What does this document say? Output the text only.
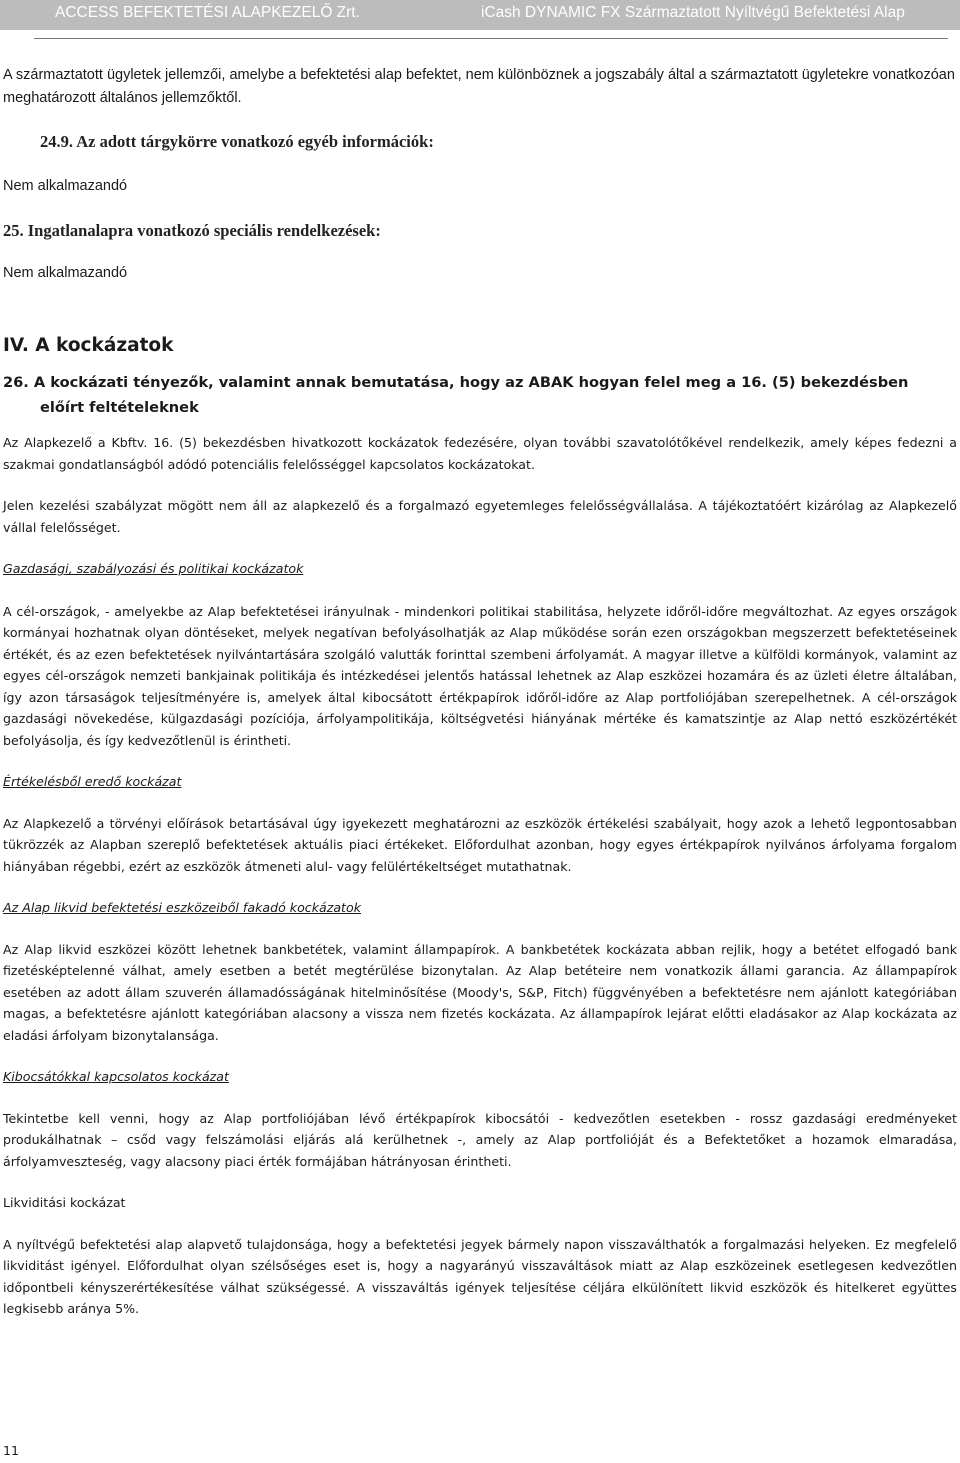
ACCESS BEFEKTETÉSI ALAPKEZELŐ Zrt.	iCash DYNAMIC FX Származtatott Nyíltvégű Befektetési Alap

A származtatott ügyletek jellemzői, amelybe a befektetési alap befektet, nem különböznek a jogszabály által a származtatott ügyletekre vonatkozóan meghatározott általános jellemzőktől.

24.9. Az adott tárgykörre vonatkozó egyéb információk:

Nem alkalmazandó

25. Ingatlanalapra vonatkozó speciális rendelkezések:

Nem alkalmazandó

IV. A kockázatok

26. A kockázati tényezők, valamint annak bemutatása, hogy az ABAK hogyan felel meg a 16. (5) bekezdésben előírt feltételeknek

Az Alapkezelő a Kbftv. 16. (5) bekezdésben hivatkozott kockázatok fedezésére, olyan további szavatolótőkével rendelkezik, amely képes fedezni a szakmai gondatlanságból adódó potenciális felelősséggel kapcsolatos kockázatokat.

Jelen kezelési szabályzat mögött nem áll az alapkezelő és a forgalmazó egyetemleges felelősségvállalása. A tájékoztatóért kizárólag az Alapkezelő vállal felelősséget.

Gazdasági, szabályozási és politikai kockázatok

A cél-országok, - amelyekbe az Alap befektetései irányulnak - mindenkori politikai stabilitása, helyzete időről-időre megváltozhat. Az egyes országok kormányai hozhatnak olyan döntéseket, melyek negatívan befolyásolhatják az Alap működése során ezen országokban megszerzett befektetéseinek értékét, és az ezen befektetések nyilvántartására szolgáló valutták forinttal szembeni árfolyamát. A magyar illetve a külföldi kormányok, valamint az egyes cél-országok nemzeti bankjainak politikája és intézkedései jelentős hatással lehetnek az Alap eszközei hozamára és az üzleti életre általában, így azon társaságok teljesítményére is, amelyek által kibocsátott értékpapírok időről-időre az Alap portfoliójában szerepelhetnek. A cél-országok gazdasági növekedése, külgazdasági pozíciója, árfolyampolitikája, költségvetési hiányának mértéke és kamatszintje az Alap nettó eszközértékét befolyásolja, és így kedvezőtlenül is érintheti.

Értékelésből eredő kockázat

Az Alapkezelő a törvényi előírások betartásával úgy igyekezett meghatározni az eszközök értékelési szabályait, hogy azok a lehető legpontosabban tükrözzék az Alapban szereplő befektetések aktuális piaci értékeket. Előfordulhat azonban, hogy egyes értékpapírok nyilvános árfolyama forgalom hiányában régebbi, ezért az eszközök átmeneti alul- vagy felülértékeltséget mutathatnak.

Az Alap likvid befektetési eszközeiből fakadó kockázatok

Az Alap likvid eszközei között lehetnek bankbetétek, valamint állampapírok. A bankbetétek kockázata abban rejlik, hogy a betétet elfogadó bank fizetésképtelenné válhat, amely esetben a betét megtérülése bizonytalan. Az Alap betéteire nem vonatkozik állami garancia. Az állampapírok esetében az adott állam szuverén államadósságának hitelminősítése (Moody's, S&P, Fitch) függvényében a befektetésre nem ajánlott kategóriában magas, a befektetésre ajánlott kategóriában alacsony a vissza nem fizetés kockázata. Az állampapírok lejárat előtti eladásakor az Alap kockázata az eladási árfolyam bizonytalansága.

Kibocsátókkal kapcsolatos kockázat

Tekintetbe kell venni, hogy az Alap portfoliójában lévő értékpapírok kibocsátói - kedvezőtlen esetekben - rossz gazdasági eredményeket produkálhatnak – csőd vagy felszámolási eljárás alá kerülhetnek -, amely az Alap portfolióját és a Befektetőket a hozamok elmaradása, árfolyamveszteség, vagy alacsony piaci érték formájában hátrányosan érintheti.

Likviditási kockázat

A nyíltvégű befektetési alap alapvető tulajdonsága, hogy a befektetési jegyek bármely napon visszaválthatók a forgalmazási helyeken. Ez megfelelő likviditást igényel. Előfordulhat olyan szélsőséges eset is, hogy a nagyarányú visszaváltások miatt az Alap eszközeinek esetlegesen kedvezőtlen időpontbeli kényszerértékesítése válhat szükségessé. A visszaváltás igények teljesítése céljára elkülönített likvid eszközök és hitelkeret együttes legkisebb aránya 5%.

11
